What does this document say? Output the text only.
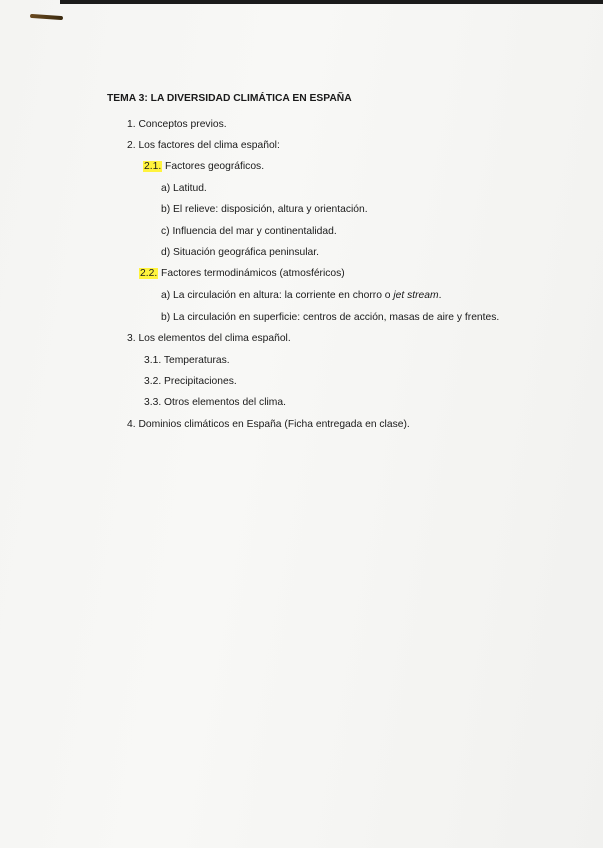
TEMA 3: LA DIVERSIDAD CLIMÁTICA EN ESPAÑA
1. Conceptos previos.
2. Los factores del clima español:
2.1. Factores geográficos.
a) Latitud.
b) El relieve: disposición, altura y orientación.
c) Influencia del mar y continentalidad.
d) Situación geográfica peninsular.
2.2. Factores termodinámicos (atmosféricos)
a) La circulación en altura: la corriente en chorro o jet stream.
b) La circulación en superficie: centros de acción, masas de aire y frentes.
3. Los elementos del clima español.
3.1. Temperaturas.
3.2. Precipitaciones.
3.3. Otros elementos del clima.
4. Dominios climáticos en España (Ficha entregada en clase).
